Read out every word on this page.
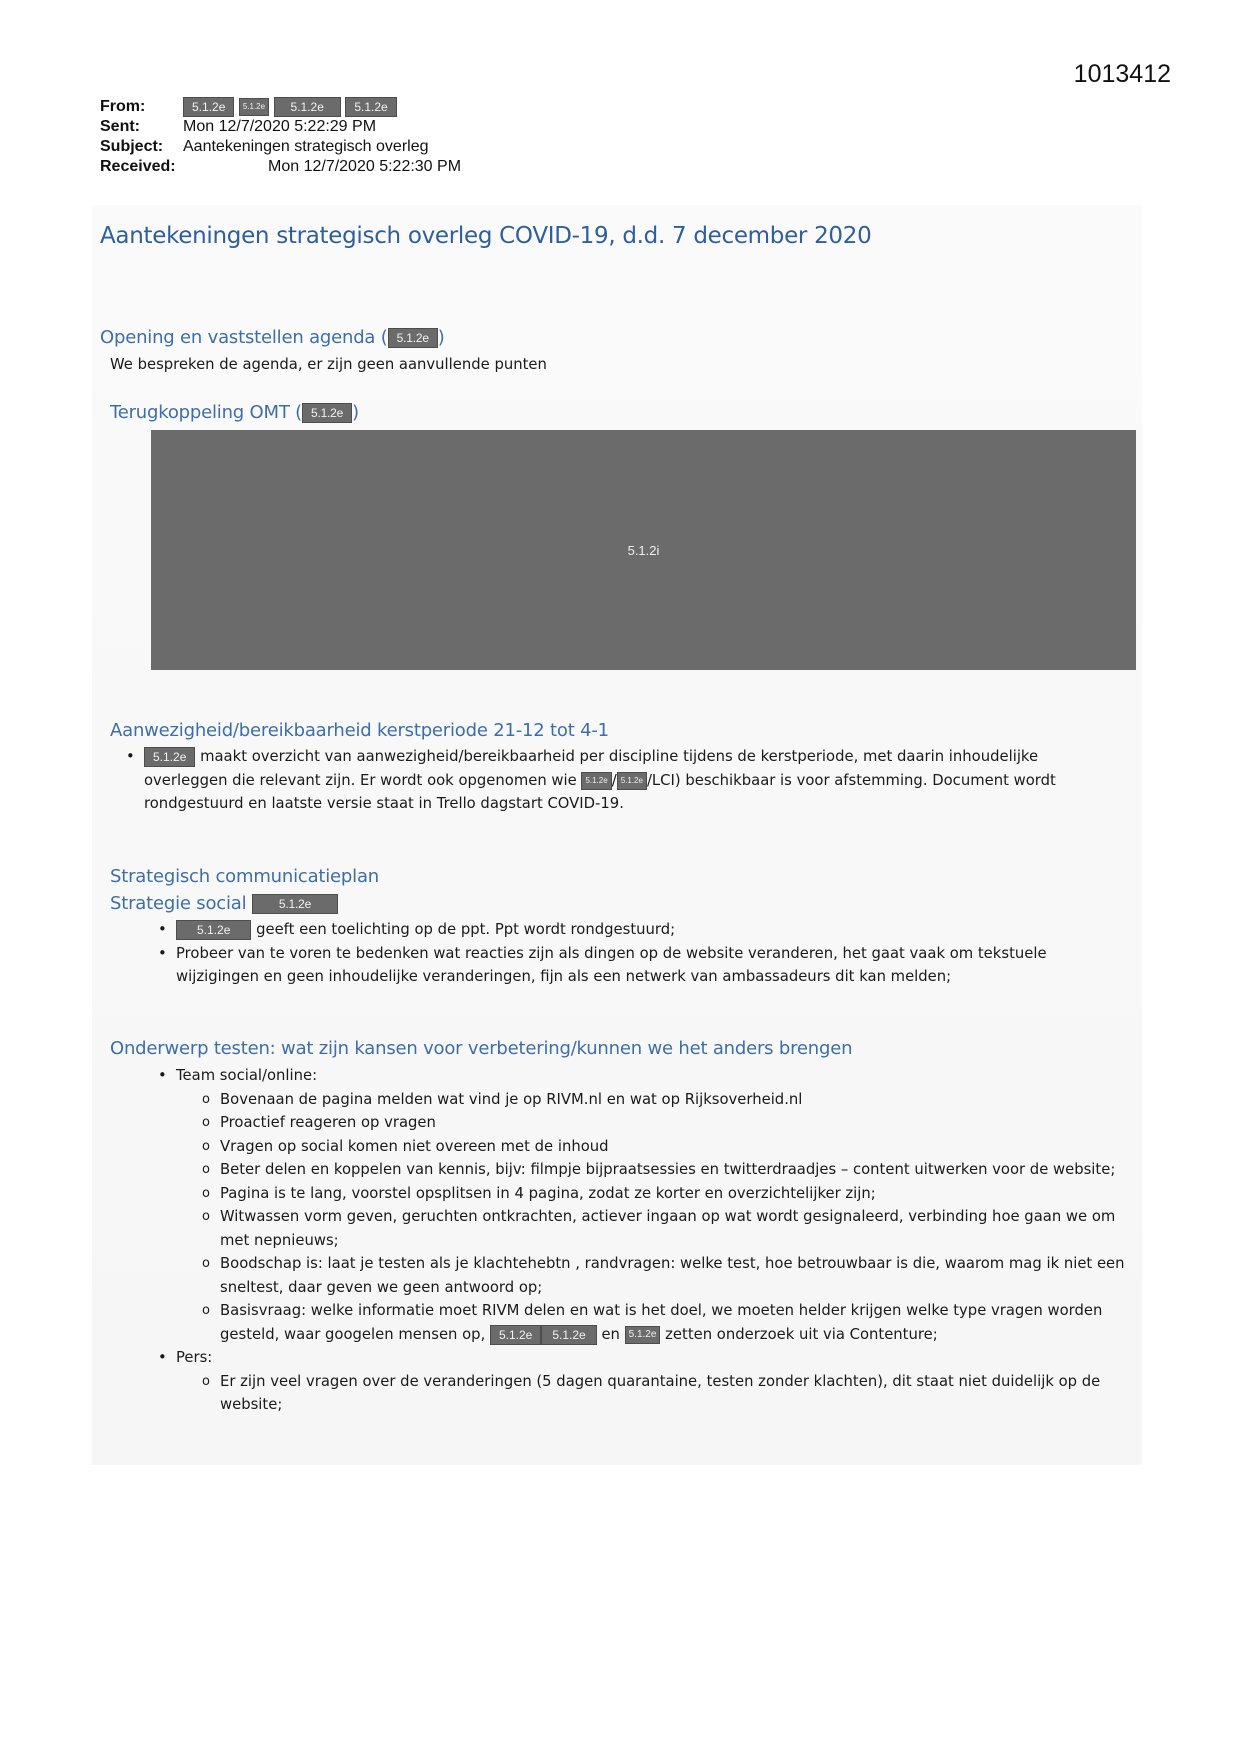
1013412
From:	5.1.2e 5.1.2e 5.1.2e	5.1.2e
Sent:	Mon 12/7/2020 5:22:29 PM
Subject: Aantekeningen strategisch overleg
Received:	Mon 12/7/2020 5:22:30 PM
Aantekeningen strategisch overleg COVID-19, d.d. 7 december 2020
Opening en vaststellen agenda ( 5.1.2e )
We bespreken de agenda, er zijn geen aanvullende punten
Terugkoppeling OMT ( 5.1.2e )
5.1.2i
Aanwezigheid/bereikbaarheid kerstperiode 21-12 tot 4-1
• 5.1.2e maakt overzicht van aanwezigheid/bereikbaarheid per discipline tijdens de kerstperiode, met daarin inhoudelijke overleggen die relevant zijn. Er wordt ook opgenomen wie 5.1.2e / 5.1.2e /LCI) beschikbaar is voor afstemming. Document wordt rondgestuurd en laatste versie staat in Trello dagstart COVID-19.
Strategisch communicatieplan
Strategie social	5.1.2e
• 5.1.2e geeft een toelichting op de ppt. Ppt wordt rondgestuurd;
• Probeer van te voren te bedenken wat reacties zijn als dingen op de website veranderen, het gaat vaak om tekstuele wijzigingen en geen inhoudelijke veranderingen, fijn als een netwerk van ambassadeurs dit kan melden;
Onderwerp testen: wat zijn kansen voor verbetering/kunnen we het anders brengen
• Team social/online:
o Bovenaan de pagina melden wat vind je op RIVM.nl en wat op Rijksoverheid.nl
o Proactief reageren op vragen
o Vragen op social komen niet overeen met de inhoud
o Beter delen en koppelen van kennis, bijv: filmpje bijpraatsessies en twitterdraadjes – content uitwerken voor de website;
o Pagina is te lang, voorstel opsplitsen in 4 pagina, zodat ze korter en overzichtelijker zijn;
o Witwassen vorm geven, geruchten ontkrachten, actiever ingaan op wat wordt gesignaleerd, verbinding hoe gaan we om met nepnieuws;
o Boodschap is: laat je testen als je klachtehebtn , randvragen: welke test, hoe betrouwbaar is die, waarom mag ik niet een sneltest, daar geven we geen antwoord op;
o Basisvraag: welke informatie moet RIVM delen en wat is het doel, we moeten helder krijgen welke type vragen worden gesteld, waar googelen mensen op, 5.1.2e 5.1.2e en 5.1.2e zetten onderzoek uit via Contenture;
• Pers:
o Er zijn veel vragen over de veranderingen (5 dagen quarantaine, testen zonder klachten), dit staat niet duidelijk op de website;
